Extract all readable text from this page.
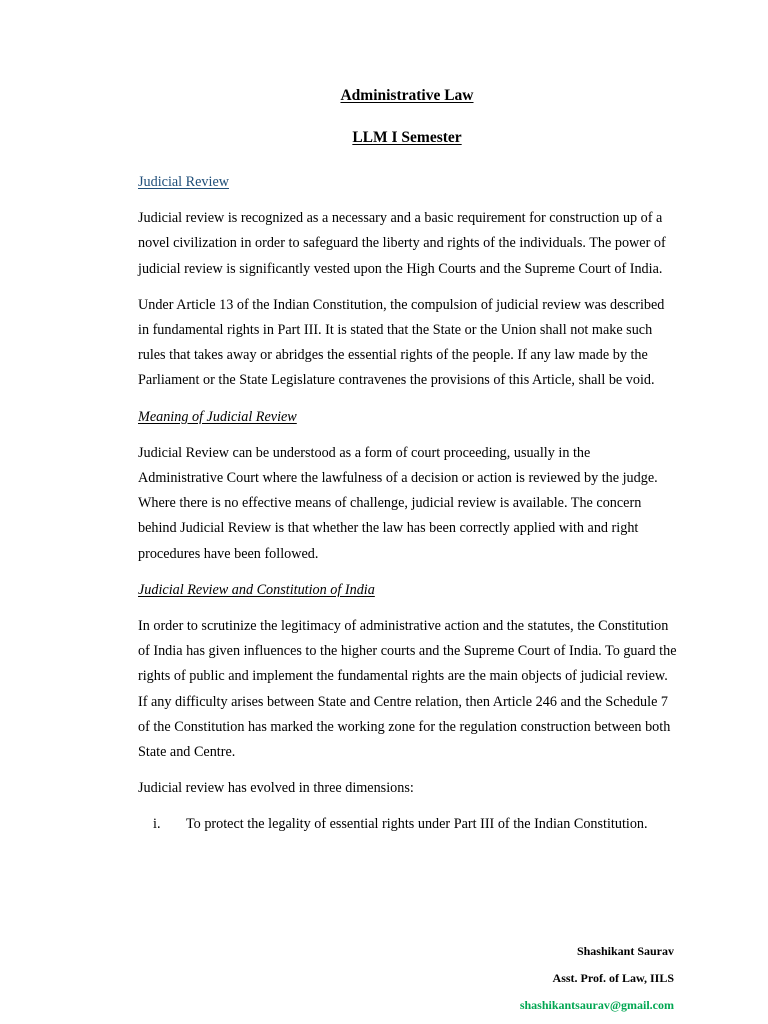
Administrative Law
LLM I Semester

Judicial Review

Judicial review is recognized as a necessary and a basic requirement for construction up of a novel civilization in order to safeguard the liberty and rights of the individuals. The power of judicial review is significantly vested upon the High Courts and the Supreme Court of India.

Under Article 13 of the Indian Constitution, the compulsion of judicial review was described in fundamental rights in Part III. It is stated that the State or the Union shall not make such rules that takes away or abridges the essential rights of the people. If any law made by the Parliament or the State Legislature contravenes the provisions of this Article, shall be void.

Meaning of Judicial Review

Judicial Review can be understood as a form of court proceeding, usually in the Administrative Court where the lawfulness of a decision or action is reviewed by the judge. Where there is no effective means of challenge, judicial review is available. The concern behind Judicial Review is that whether the law has been correctly applied with and right procedures have been followed.

Judicial Review and Constitution of India

In order to scrutinize the legitimacy of administrative action and the statutes, the Constitution of India has given influences to the higher courts and the Supreme Court of India. To guard the rights of public and implement the fundamental rights are the main objects of judicial review. If any difficulty arises between State and Centre relation, then Article 246 and the Schedule 7 of the Constitution has marked the working zone for the regulation construction between both State and Centre.

Judicial review has evolved in three dimensions:

i.	To protect the legality of essential rights under Part III of the Indian Constitution.
Shashikant Saurav
Asst. Prof. of Law, IILS
shashikantsaurav@gmail.com
